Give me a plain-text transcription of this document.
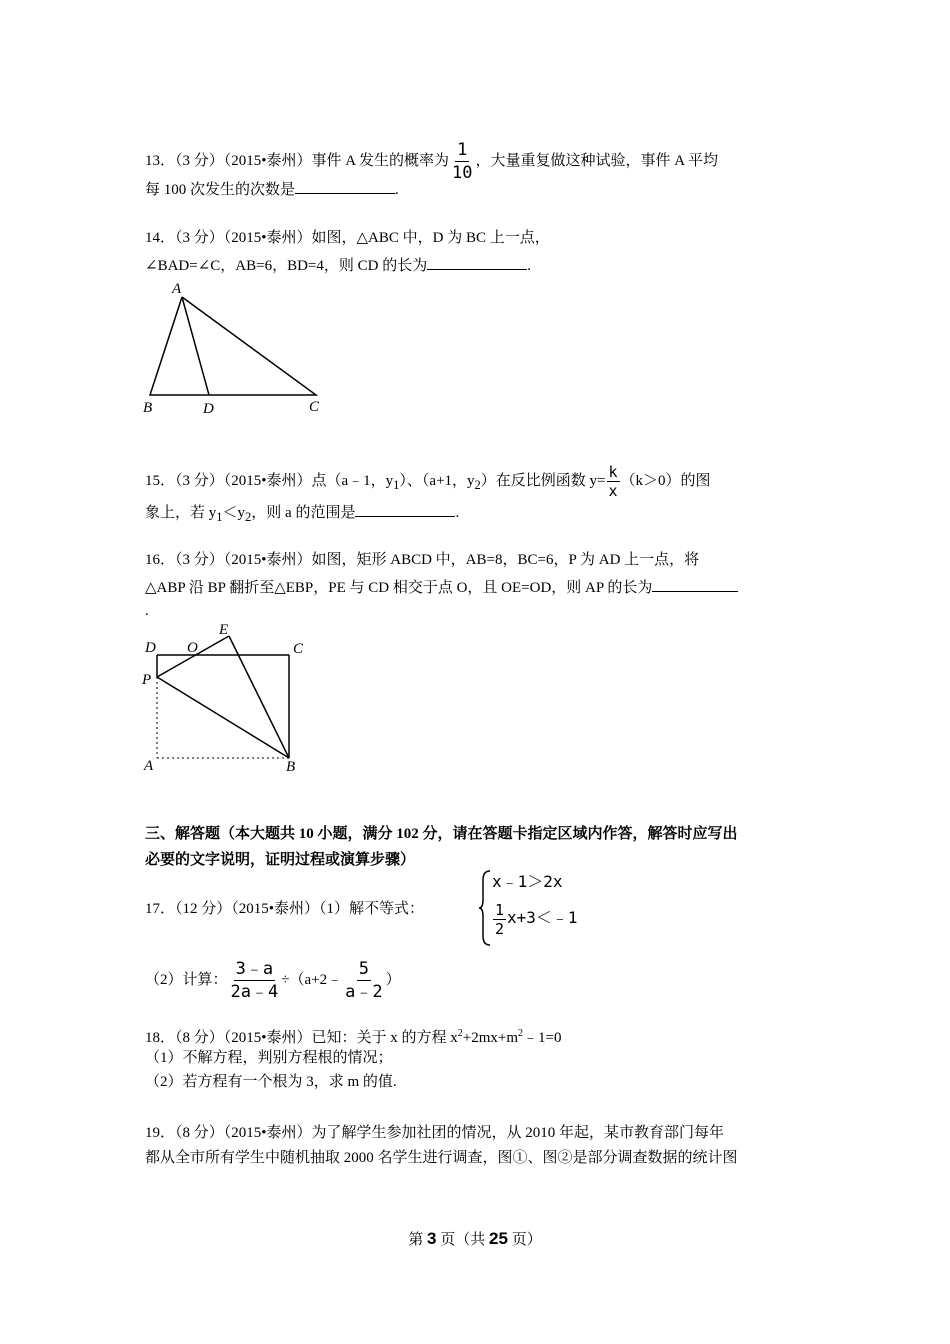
13．（3 分）（2015•泰州）事件 A 发生的概率为 $\frac{1}{10}$ ，大量重复做这种试验，事件 A 平均
每 100 次发生的次数是	.
14．（3 分）（2015•泰州）如图，△ABC 中，D 为 BC 上一点，
∠BAD=∠C，AB=6，BD=4，则 CD 的长为	.
A
B	D	C
15．（3 分）（2015•泰州）点（a﹣1，$y_1$）、（a+1，$y_2$）在反比例函数 $y= \frac{k}{x} (k>0)$的图
象上，若 $y_1<y_2$，则 a 的范围是	.
16．（3 分）（2015•泰州）如图，矩形 ABCD 中，AB=8，BC=6，P 为 AD 上一点，将
△ABP 沿 BP 翻折至△EBP，PE 与 CD 相交于点 O，且 OE=OD，则 AP 的长为
.
D O
E
C
P
A	B
三、解答题（本大题共 10 小题，满分 102 分，请在答题卡指定区域内作答，解答时应写出
必要的文字说明，证明过程或演算步骤）
17．（12 分）（2015•泰州）（1）解不等式：
x﹣1＞2x
$\frac{1}{2}$ x+3＜﹣1
（2）计算： $\frac{3﹣a}{2a﹣4}$ ÷（a+2﹣ $\frac{5}{a﹣2}$ ）
18．（8 分）（2015•泰州）已知：关于 x 的方程 $x^2+2mx+m^2﹣1=0$
（1）不解方程，判别方程根的情况；
（2）若方程有一个根为 3，求 m 的值.
19．（8 分）（2015•泰州）为了解学生参加社团的情况，从 2010 年起，某市教育部门每年
都从全市所有学生中随机抽取 2000 名学生进行调查，图①、图②是部分调查数据的统计图
第 3 页（共 25 页）
